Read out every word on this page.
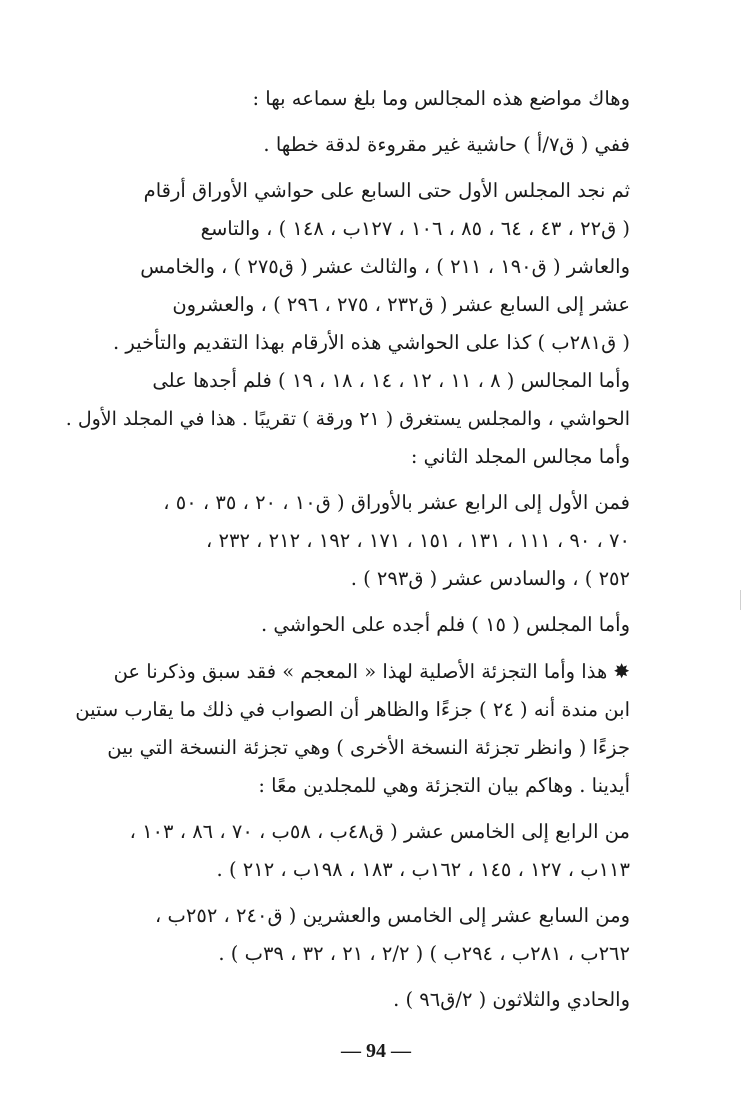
وهاك مواضع هذه المجالس وما بلغ سماعه بها :

ففي ( ق٧/أ ) حاشية غير مقروءة لدقة خطها .

ثم نجد المجلس الأول حتى السابع على حواشي الأوراق أرقام
( ق٢٢ ، ٤٣ ، ٦٤ ، ٨٥ ، ١٠٦ ، ١٢٧ب ، ١٤٨ ) ، والتاسع
والعاشر ( ق١٩٠ ، ٢١١ ) ، والثالث عشر ( ق٢٧٥ ) ، والخامس
عشر إلى السابع عشر ( ق٢٣٢ ، ٢٧٥ ، ٢٩٦ ) ، والعشرون
( ق٢٨١ب ) كذا على الحواشي هذه الأرقام بهذا التقديم والتأخير .

وأما المجالس ( ٨ ، ١١ ، ١٢ ، ١٤ ، ١٨ ، ١٩ ) فلم أجدها على
الحواشي ، والمجلس يستغرق ( ٢١ ورقة ) تقريبًا . هذا في المجلد الأول .

وأما مجالس المجلد الثاني :

فمن الأول إلى الرابع عشر بالأوراق ( ق١٠ ، ٢٠ ، ٣٥ ، ٥٠ ،
٧٠ ، ٩٠ ، ١١١ ، ١٣١ ، ١٥١ ، ١٧١ ، ١٩٢ ، ٢١٢ ، ٢٣٢ ،
٢٥٢ ) ، والسادس عشر ( ق٢٩٣ ) .

وأما المجلس ( ١٥ ) فلم أجده على الحواشي .

✸هذا وأما التجزئة الأصلية لهذا « المعجم » فقد سبق وذكرنا عن
ابن مندة أنه ( ٢٤ ) جزءًا والظاهر أن الصواب في ذلك ما يقارب ستين
جزءًا ( وانظر تجزئة النسخة الأخرى ) وهي تجزئة النسخة التي بين
أيدينا . وهاكم بيان التجزئة وهي للمجلدين معًا :

من الرابع إلى الخامس عشر ( ق٤٨ب ، ٥٨ب ، ٧٠ ، ٨٦ ، ١٠٣ ،
١١٣ب ، ١٢٧ ، ١٤٥ ، ١٦٢ب ، ١٨٣ ، ١٩٨ب ، ٢١٢ ) .

ومن السابع عشر إلى الخامس والعشرين ( ق٢٤٠ ، ٢٥٢ب ،
٢٦٢ب ، ٢٨١ب ، ٢٩٤ب ) ( ٢/٢ ، ٢١ ، ٣٢ ، ٣٩ب ) .

والحادي والثلاثون ( ٢/ق٩٦ ) .

— 94 —
